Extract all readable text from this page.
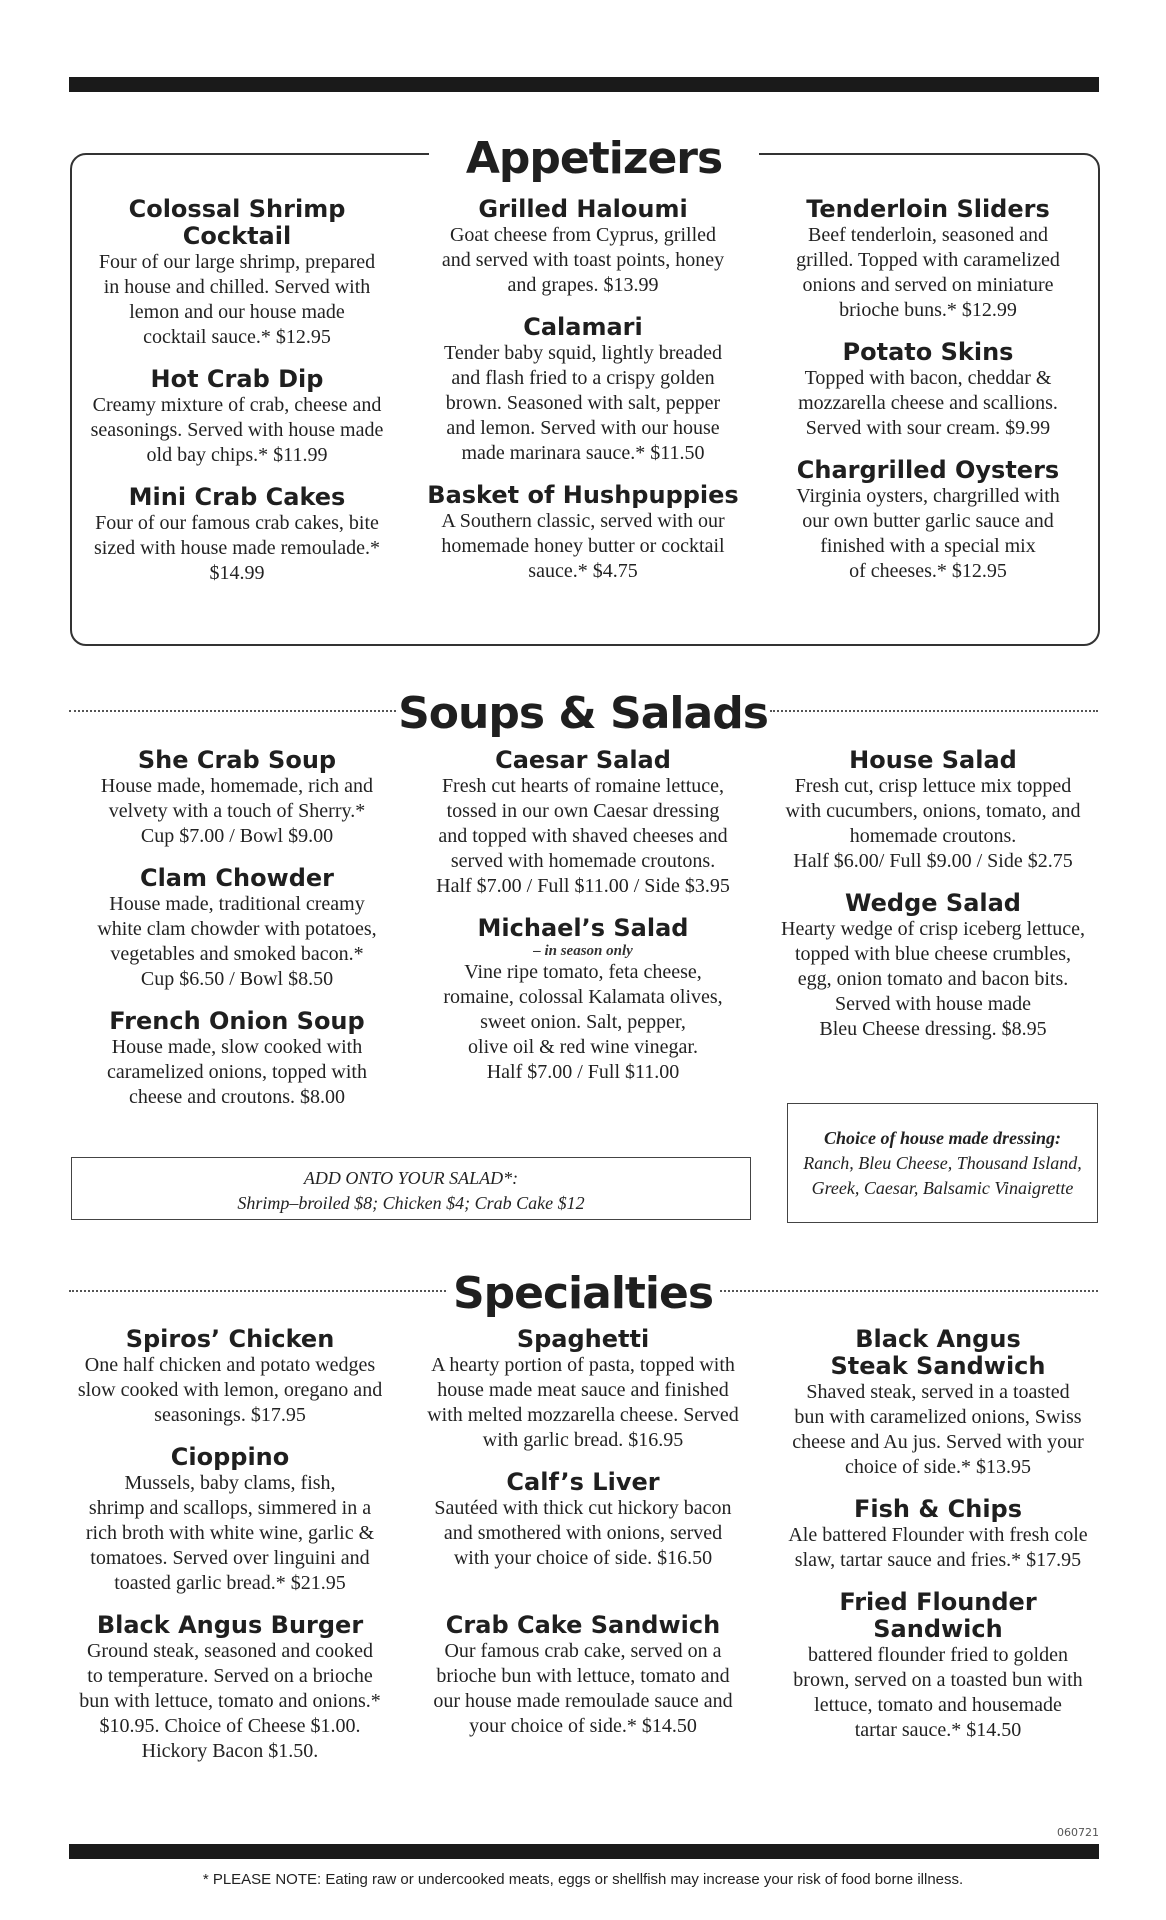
Appetizers
Colossal Shrimp
Cocktail
Four of our large shrimp, prepared
in house and chilled. Served with
lemon and our house made
cocktail sauce.* $12.95
Hot Crab Dip
Creamy mixture of crab, cheese and
seasonings. Served with house made
old bay chips.* $11.99
Mini Crab Cakes
Four of our famous crab cakes, bite
sized with house made remoulade.*
$14.99
Grilled Haloumi
Goat cheese from Cyprus, grilled
and served with toast points, honey
and grapes. $13.99
Calamari
Tender baby squid, lightly breaded
and flash fried to a crispy golden
brown. Seasoned with salt, pepper
and lemon. Served with our house
made marinara sauce.* $11.50
Basket of Hushpuppies
A Southern classic, served with our
homemade honey butter or cocktail
sauce.* $4.75
Tenderloin Sliders
Beef tenderloin, seasoned and
grilled. Topped with caramelized
onions and served on miniature
brioche buns.* $12.99
Potato Skins
Topped with bacon, cheddar &
mozzarella cheese and scallions.
Served with sour cream. $9.99
Chargrilled Oysters
Virginia oysters, chargrilled with
our own butter garlic sauce and
finished with a special mix
of cheeses.* $12.95
Soups & Salads
She Crab Soup
House made, homemade, rich and
velvety with a touch of Sherry.*
Cup $7.00 / Bowl $9.00
Clam Chowder
House made, traditional creamy
white clam chowder with potatoes,
vegetables and smoked bacon.*
Cup $6.50 / Bowl $8.50
French Onion Soup
House made, slow cooked with
caramelized onions, topped with
cheese and croutons. $8.00
Caesar Salad
Fresh cut hearts of romaine lettuce,
tossed in our own Caesar dressing
and topped with shaved cheeses and
served with homemade croutons.
Half $7.00 / Full $11.00 / Side $3.95
Michael’s Salad
– in season only
Vine ripe tomato, feta cheese,
romaine, colossal Kalamata olives,
sweet onion. Salt, pepper,
olive oil & red wine vinegar.
Half $7.00 / Full $11.00
House Salad
Fresh cut, crisp lettuce mix topped
with cucumbers, onions, tomato, and
homemade croutons.
Half $6.00/ Full $9.00 / Side $2.75
Wedge Salad
Hearty wedge of crisp iceberg lettuce,
topped with blue cheese crumbles,
egg, onion tomato and bacon bits.
Served with house made
Bleu Cheese dressing. $8.95
ADD ONTO YOUR SALAD*:
Shrimp–broiled $8; Chicken $4; Crab Cake $12
Choice of house made dressing:
Ranch, Bleu Cheese, Thousand Island,
Greek, Caesar, Balsamic Vinaigrette
Specialties
Spiros’ Chicken
One half chicken and potato wedges
slow cooked with lemon, oregano and
seasonings. $17.95
Cioppino
Mussels, baby clams, fish,
shrimp and scallops, simmered in a
rich broth with white wine, garlic &
tomatoes. Served over linguini and
toasted garlic bread.* $21.95
Black Angus Burger
Ground steak, seasoned and cooked
to temperature. Served on a brioche
bun with lettuce, tomato and onions.*
$10.95. Choice of Cheese $1.00.
Hickory Bacon $1.50.
Spaghetti
A hearty portion of pasta, topped with
house made meat sauce and finished
with melted mozzarella cheese. Served
with garlic bread. $16.95
Calf’s Liver
Sautéed with thick cut hickory bacon
and smothered with onions, served
with your choice of side. $16.50
Crab Cake Sandwich
Our famous crab cake, served on a
brioche bun with lettuce, tomato and
our house made remoulade sauce and
your choice of side.* $14.50
Black Angus
Steak Sandwich
Shaved steak, served in a toasted
bun with caramelized onions, Swiss
cheese and Au jus. Served with your
choice of side.* $13.95
Fish & Chips
Ale battered Flounder with fresh cole
slaw, tartar sauce and fries.* $17.95
Fried Flounder
Sandwich
battered flounder fried to golden
brown, served on a toasted bun with
lettuce, tomato and housemade
tartar sauce.* $14.50
060721
* PLEASE NOTE: Eating raw or undercooked meats, eggs or shellfish may increase your risk of food borne illness.
